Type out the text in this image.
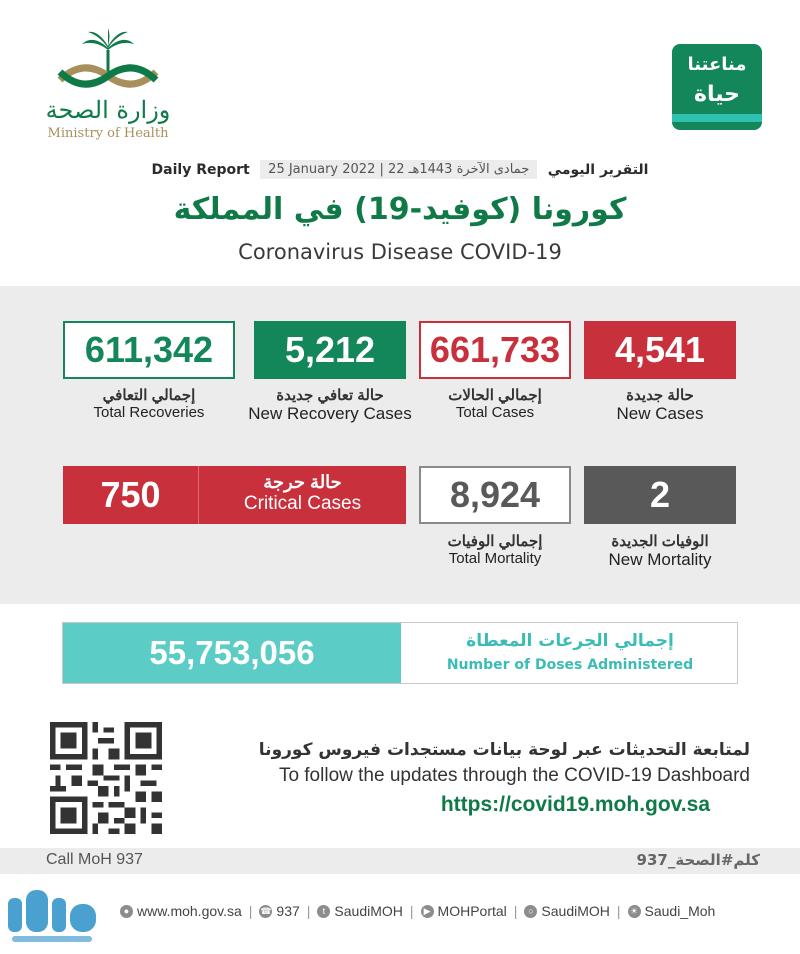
وزارة الصحة
Ministry of Health
مناعتنا
حياة
Daily Report 25 January 2022 | 22 جمادى الآخرة 1443هـ التقرير اليومي
كورونا (كوفيد-19) في المملكة
Coronavirus Disease COVID-19
4,541
حالة جديدة
New Cases
661,733
إجمالي الحالات
Total Cases
5,212
حالة تعافي جديدة
New Recovery Cases
611,342
إجمالي التعافي
Total Recoveries
2
الوفيات الجديدة
New Mortality
8,924
إجمالي الوفيات
Total Mortality
750	حالة حرجة
Critical Cases
55,753,056	إجمالي الجرعات المعطاة
Number of Doses Administered
لمتابعة التحديثات عبر لوحة بيانات مستجدات فيروس كورونا
To follow the updates through the COVID-19 Dashboard
https://covid19.moh.gov.sa
Call MoH 937	كلم#الصحة_937
● www.moh.gov.sa | ☎ 937 |	t SaudiMOH |	▶ MOHPortal |	○ SaudiMOH | ☀ Saudi_Moh
